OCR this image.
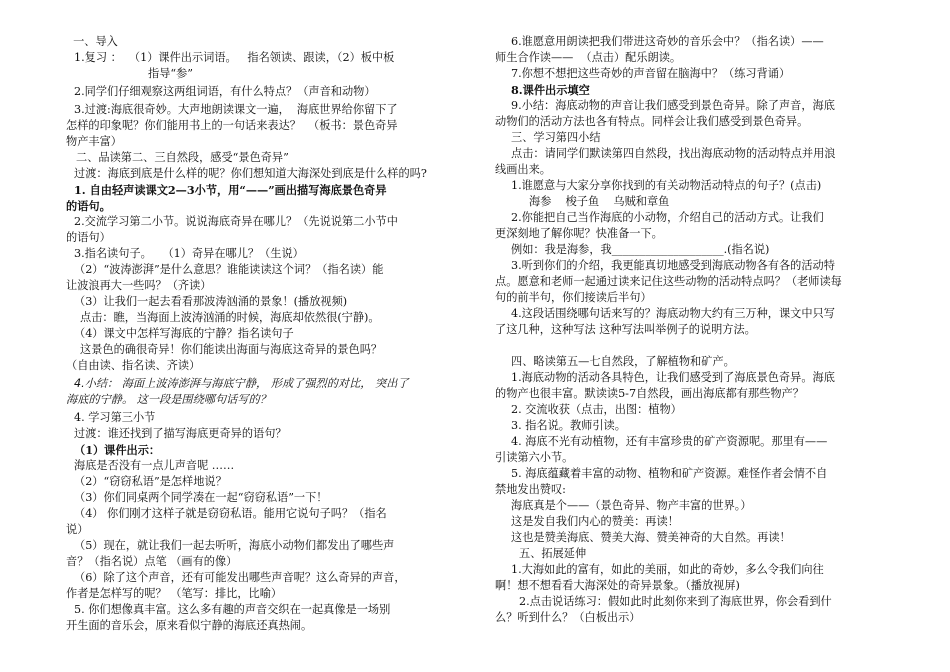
一、导入
1.复习 ：  （1）课件出示词语。   指名领读、跟读，（2）板中板
指导“参”
2.同学们仔细观察这两组词语，有什么特点？（声音和动物）
3.过渡:海底很奇妙。大声地朗读课文一遍，  海底世界给你留下了
怎样的印象呢？你们能用书上的一句话来表达？  （板书：景色奇异
物产丰富）
二、品读第二、三自然段，感受“景色奇异”
过渡：海底到底是什么样的呢？你们想知道大海深处到底是什么样的吗?
1. 自由轻声读课文2—3小节，用“——”画出描写海底景色奇异
的语句。
2.交流学习第二小节。说说海底奇异在哪儿？（先说说第二小节中
的语句）
3.指名读句子。   （1）奇异在哪儿？（生说）
（2）“波涛澎湃”是什么意思？谁能读读这个词？（指名读）能
让波浪再大一些吗？（齐读）
（3）让我们一起去看看那波涛汹涌的景象！(播放视频)
点击：瞧，当海面上波涛汹涌的时候，海底却依然很(宁静)。
（4）课文中怎样写海底的宁静？指名读句子
这景色的确很奇异！你们能读出海面与海底这奇异的景色吗？
（自由读、指名读、齐读）
4.小结： 海面上波涛澎湃与海底宁静， 形成了强烈的对比， 突出了
海底的宁静。 这一段是围绕哪句话写的？
4. 学习第三小节
过渡：谁还找到了描写海底更奇异的语句？
（1）课件出示：
海底是否没有一点儿声音呢 ……
（2）“窃窃私语”是怎样地说？
（3）你们同桌两个同学凑在一起“窃窃私语”一下！
（4） 你们刚才这样子就是窃窃私语。能用它说句子吗？（指名
说）
（5）现在，就让我们一起去听听，海底小动物们都发出了哪些声
音？（指名说）点笔 （画有的像）
（6）除了这个声音，还有可能发出哪些声音呢？这么奇异的声音，
作者是怎样写的呢？ （笔写：排比，比喻）
5. 你们想像真丰富。这么多有趣的声音交织在一起真像是一场别
开生面的音乐会，原来看似宁静的海底还真热闹。
6.谁愿意用朗读把我们带进这奇妙的音乐会中？（指名读）——
师生合作读——  （点击）配乐朗读。
7.你想不想把这些奇妙的声音留在脑海中？（练习背诵）
8.课件出示填空
9.小结：海底动物的声音让我们感受到景色奇异。除了声音，海底
动物们的活动方法也各有特点。同样会让我们感受到景色奇异。
三、学习第四小结
点击：请同学们默读第四自然段，找出海底动物的活动特点并用浪
线画出来。
1.谁愿意与大家分享你找到的有关动物活动特点的句子？(点击)
海参    梭子鱼    乌贼和章鱼
2.你能把自己当作海底的小动物，介绍自己的活动方式。让我们
更深刻地了解你呢？快准备一下。
例如：我是海参，我____________________.(指名说)
3.听到你们的介绍，我更能真切地感受到海底动物各有各的活动特
点。愿意和老师一起通过读来记住这些动物的活动特点吗？（老师读每
句的前半句，你们接读后半句）
4.这段话围绕哪句话来写的？海底动物大约有三万种，课文中只写
了这几种，这种写法 这种写法叫举例子的说明方法。
四、略读第五—七自然段，了解植物和矿产。
1.海底动物的活动各具特色，让我们感受到了海底景色奇异。海底
的物产也很丰富。默读读5-7自然段，画出海底都有那些物产？
2. 交流收获（点击，出图：植物）
3. 指名说。教师引读。
4. 海底不光有动植物，还有丰富珍贵的矿产资源呢。那里有——
引读第六小节。
5. 海底蕴藏着丰富的动物、植物和矿产资源。难怪作者会情不自
禁地发出赞叹:
海底真是个——（景色奇异、物产丰富的世界。）
这是发自我们内心的赞美：再读！
这也是赞美海底、赞美大海、赞美神奇的大自然。再读！
五、拓展延伸
1.大海如此的富有，如此的美丽，如此的奇妙，多么令我们向往
啊！想不想看看大海深处的奇异景象。（播放视屏)
2.点击说话练习：假如此时此刻你来到了海底世界，你会看到什
么？听到什么？（白板出示）
